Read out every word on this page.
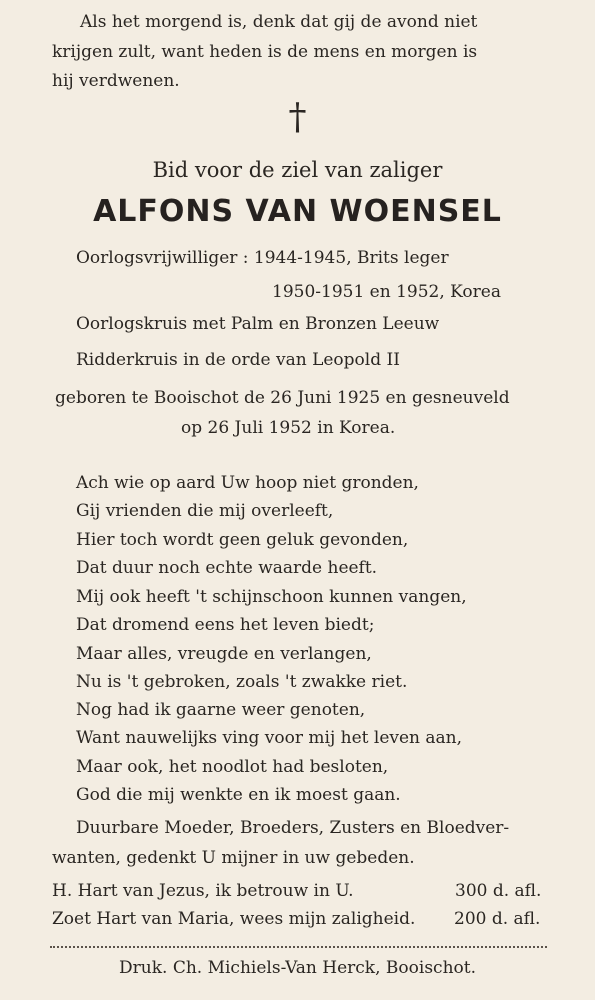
Als het morgend is, denk dat gij de avond niet
krijgen zult, want heden is de mens en morgen is
hij verdwenen.
†
Bid voor de ziel van zaliger
ALFONS VAN WOENSEL
Oorlogsvrijwilliger : 1944-1945, Brits leger
1950-1951 en 1952, Korea
Oorlogskruis met Palm en Bronzen Leeuw
Ridderkruis in de orde van Leopold II
geboren te Booischot de 26 Juni 1925 en gesneuveld
op 26 Juli 1952 in Korea.
Ach wie op aard Uw hoop niet gronden,
Gij vrienden die mij overleeft,
Hier toch wordt geen geluk gevonden,
Dat duur noch echte waarde heeft.
Mij ook heeft 't schijnschoon kunnen vangen,
Dat dromend eens het leven biedt;
Maar alles, vreugde en verlangen,
Nu is 't gebroken, zoals 't zwakke riet.
Nog had ik gaarne weer genoten,
Want nauwelijks ving voor mij het leven aan,
Maar ook, het noodlot had besloten,
God die mij wenkte en ik moest gaan.
Duurbare Moeder, Broeders, Zusters en Bloedver-
wanten, gedenkt U mijner in uw gebeden.
H. Hart van Jezus, ik betrouw in U.	300 d. afl.
Zoet Hart van Maria, wees mijn zaligheid. 200 d. afl.
Druk. Ch. Michiels-Van Herck, Booischot.
